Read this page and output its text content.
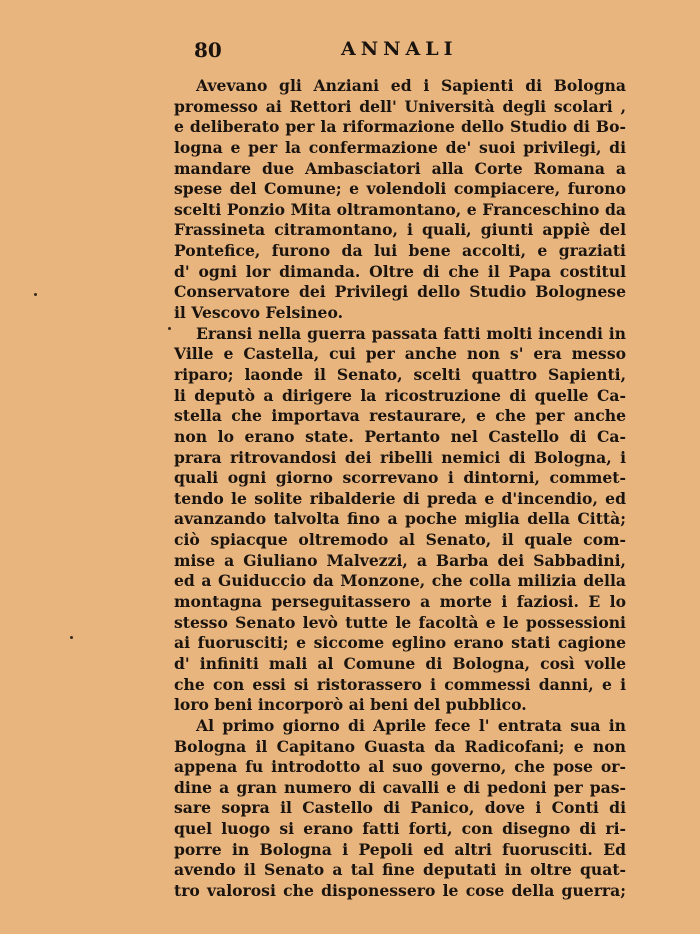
80	ANNALI
Avevano gli Anziani ed i Sapienti di Bologna
promesso ai Rettori dell' Università degli scolari ,
e deliberato per la riformazione dello Studio di Bo-
logna e per la confermazione de' suoi privilegi, di
mandare due Ambasciatori alla Corte Romana a
spese del Comune; e volendoli compiacere, furono
scelti Ponzio Mita oltramontano, e Franceschino da
Frassineta citramontano, i quali, giunti appiè del
Pontefice, furono da lui bene accolti, e graziati
d' ogni lor dimanda. Oltre di che il Papa costitul
Conservatore dei Privilegi dello Studio Bolognese
il Vescovo Felsineo.
Eransi nella guerra passata fatti molti incendi in
Ville e Castella, cui per anche non s' era messo
riparo; laonde il Senato, scelti quattro Sapienti,
li deputò a dirigere la ricostruzione di quelle Ca-
stella che importava restaurare, e che per anche
non lo erano state. Pertanto nel Castello di Ca-
prara ritrovandosi dei ribelli nemici di Bologna, i
quali ogni giorno scorrevano i dintorni, commet-
tendo le solite ribalderie di preda e d'incendio, ed
avanzando talvolta fino a poche miglia della Città;
ciò spiacque oltremodo al Senato, il quale com-
mise a Giuliano Malvezzi, a Barba dei Sabbadini,
ed a Guiduccio da Monzone, che colla milizia della
montagna perseguitassero a morte i faziosi. E lo
stesso Senato levò tutte le facoltà e le possessioni
ai fuorusciti; e siccome eglino erano stati cagione
d' infiniti mali al Comune di Bologna, così volle
che con essi si ristorassero i commessi danni, e i
loro beni incorporò ai beni del pubblico.
Al primo giorno di Aprile fece l' entrata sua in
Bologna il Capitano Guasta da Radicofani; e non
appena fu introdotto al suo governo, che pose or-
dine a gran numero di cavalli e di pedoni per pas-
sare sopra il Castello di Panico, dove i Conti di
quel luogo si erano fatti forti, con disegno di ri-
porre in Bologna i Pepoli ed altri fuorusciti. Ed
avendo il Senato a tal fine deputati in oltre quat-
tro valorosi che disponessero le cose della guerra;
